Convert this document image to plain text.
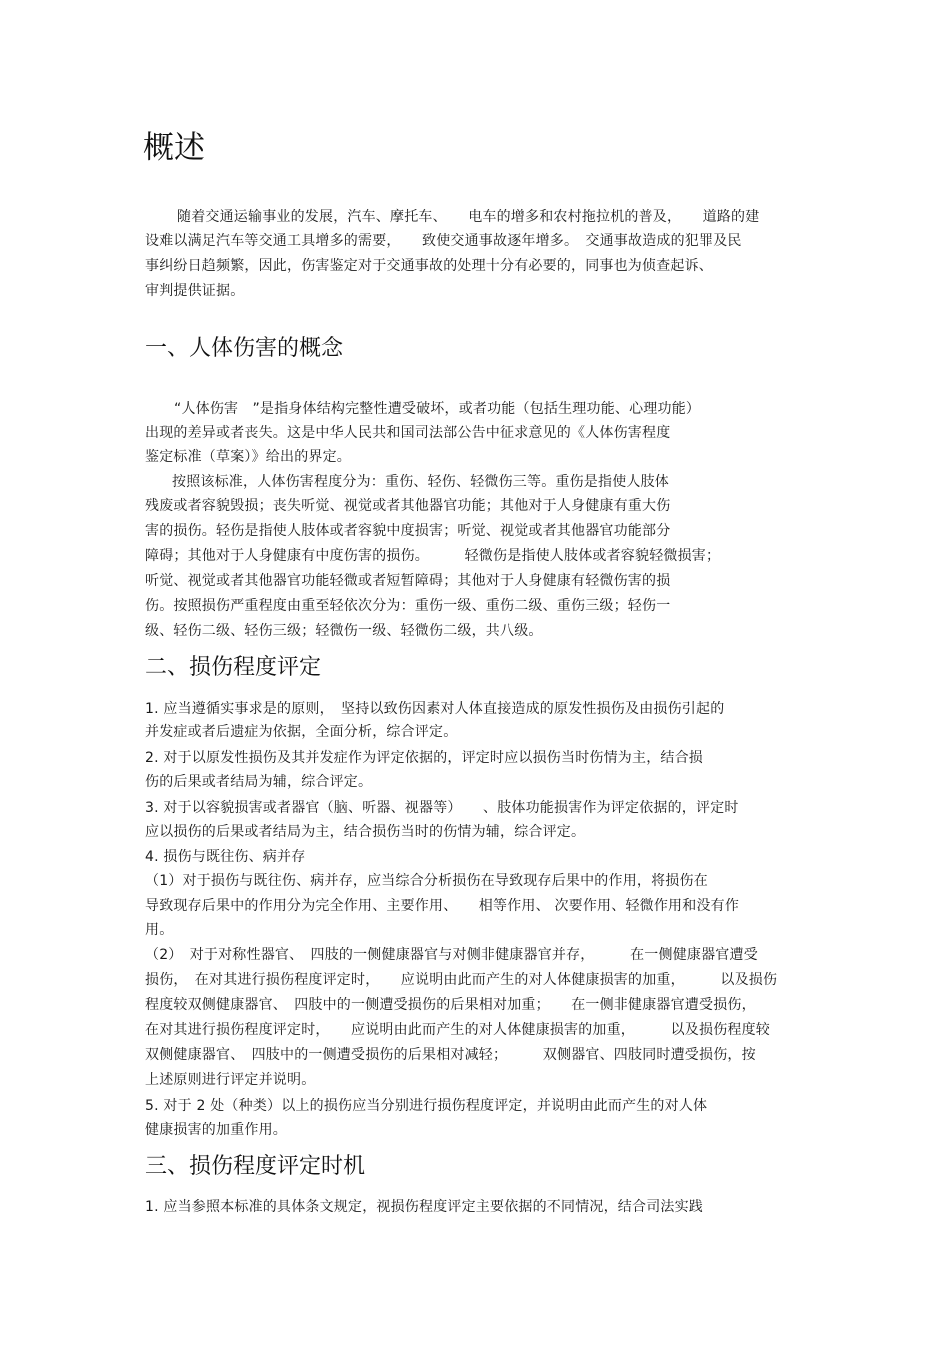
概述
随着交通运输事业的发展，汽车、摩托车、　　电车的增多和农村拖拉机的普及，　　道路的建
设难以满足汽车等交通工具增多的需要，　　致使交通事故逐年增多。　交通事故造成的犯罪及民
事纠纷日趋频繁，因此，伤害鉴定对于交通事故的处理十分有必要的，同事也为侦查起诉、
审判提供证据。
一、人体伤害的概念
“人体伤害　”是指身体结构完整性遭受破坏，或者功能（包括生理功能、心理功能）
出现的差异或者丧失。这是中华人民共和国司法部公告中征求意见的《人体伤害程度
鉴定标准（草案）》给出的界定。
按照该标准，人体伤害程度分为：重伤、轻伤、轻微伤三等。重伤是指使人肢体
残废或者容貌毁损；丧失听觉、视觉或者其他器官功能；其他对于人身健康有重大伤
害的损伤。轻伤是指使人肢体或者容貌中度损害；听觉、视觉或者其他器官功能部分
障碍；其他对于人身健康有中度伤害的损伤。　　　轻微伤是指使人肢体或者容貌轻微损害；
听觉、视觉或者其他器官功能轻微或者短暂障碍；其他对于人身健康有轻微伤害的损
伤。按照损伤严重程度由重至轻依次分为：重伤一级、重伤二级、重伤三级；轻伤一
级、轻伤二级、轻伤三级；轻微伤一级、轻微伤二级，共八级。
二、损伤程度评定
1. 应当遵循实事求是的原则，　坚持以致伤因素对人体直接造成的原发性损伤及由损伤引起的
并发症或者后遗症为依据，全面分析，综合评定。
2. 对于以原发性损伤及其并发症作为评定依据的，评定时应以损伤当时伤情为主，结合损
伤的后果或者结局为辅，综合评定。
3. 对于以容貌损害或者器官（脑、听器、视器等）　　、肢体功能损害作为评定依据的，评定时
应以损伤的后果或者结局为主，结合损伤当时的伤情为辅，综合评定。
4. 损伤与既往伤、病并存
（1）对于损伤与既往伤、病并存，应当综合分析损伤在导致现存后果中的作用，将损伤在
导致现存后果中的作用分为完全作用、主要作用、　　相等作用、 次要作用、轻微作用和没有作
用。
（2）　对于对称性器官、　四肢的一侧健康器官与对侧非健康器官并存，　　　在一侧健康器官遭受
损伤，　在对其进行损伤程度评定时，　　应说明由此而产生的对人体健康损害的加重，　　　以及损伤
程度较双侧健康器官、　四肢中的一侧遭受损伤的后果相对加重；　　在一侧非健康器官遭受损伤，
在对其进行损伤程度评定时，　　应说明由此而产生的对人体健康损害的加重，　　　以及损伤程度较
双侧健康器官、　四肢中的一侧遭受损伤的后果相对减轻；　　　双侧器官、四肢同时遭受损伤，按
上述原则进行评定并说明。
5. 对于 2 处（种类）以上的损伤应当分别进行损伤程度评定，并说明由此而产生的对人体
健康损害的加重作用。
三、损伤程度评定时机
1. 应当参照本标准的具体条文规定，视损伤程度评定主要依据的不同情况，结合司法实践
